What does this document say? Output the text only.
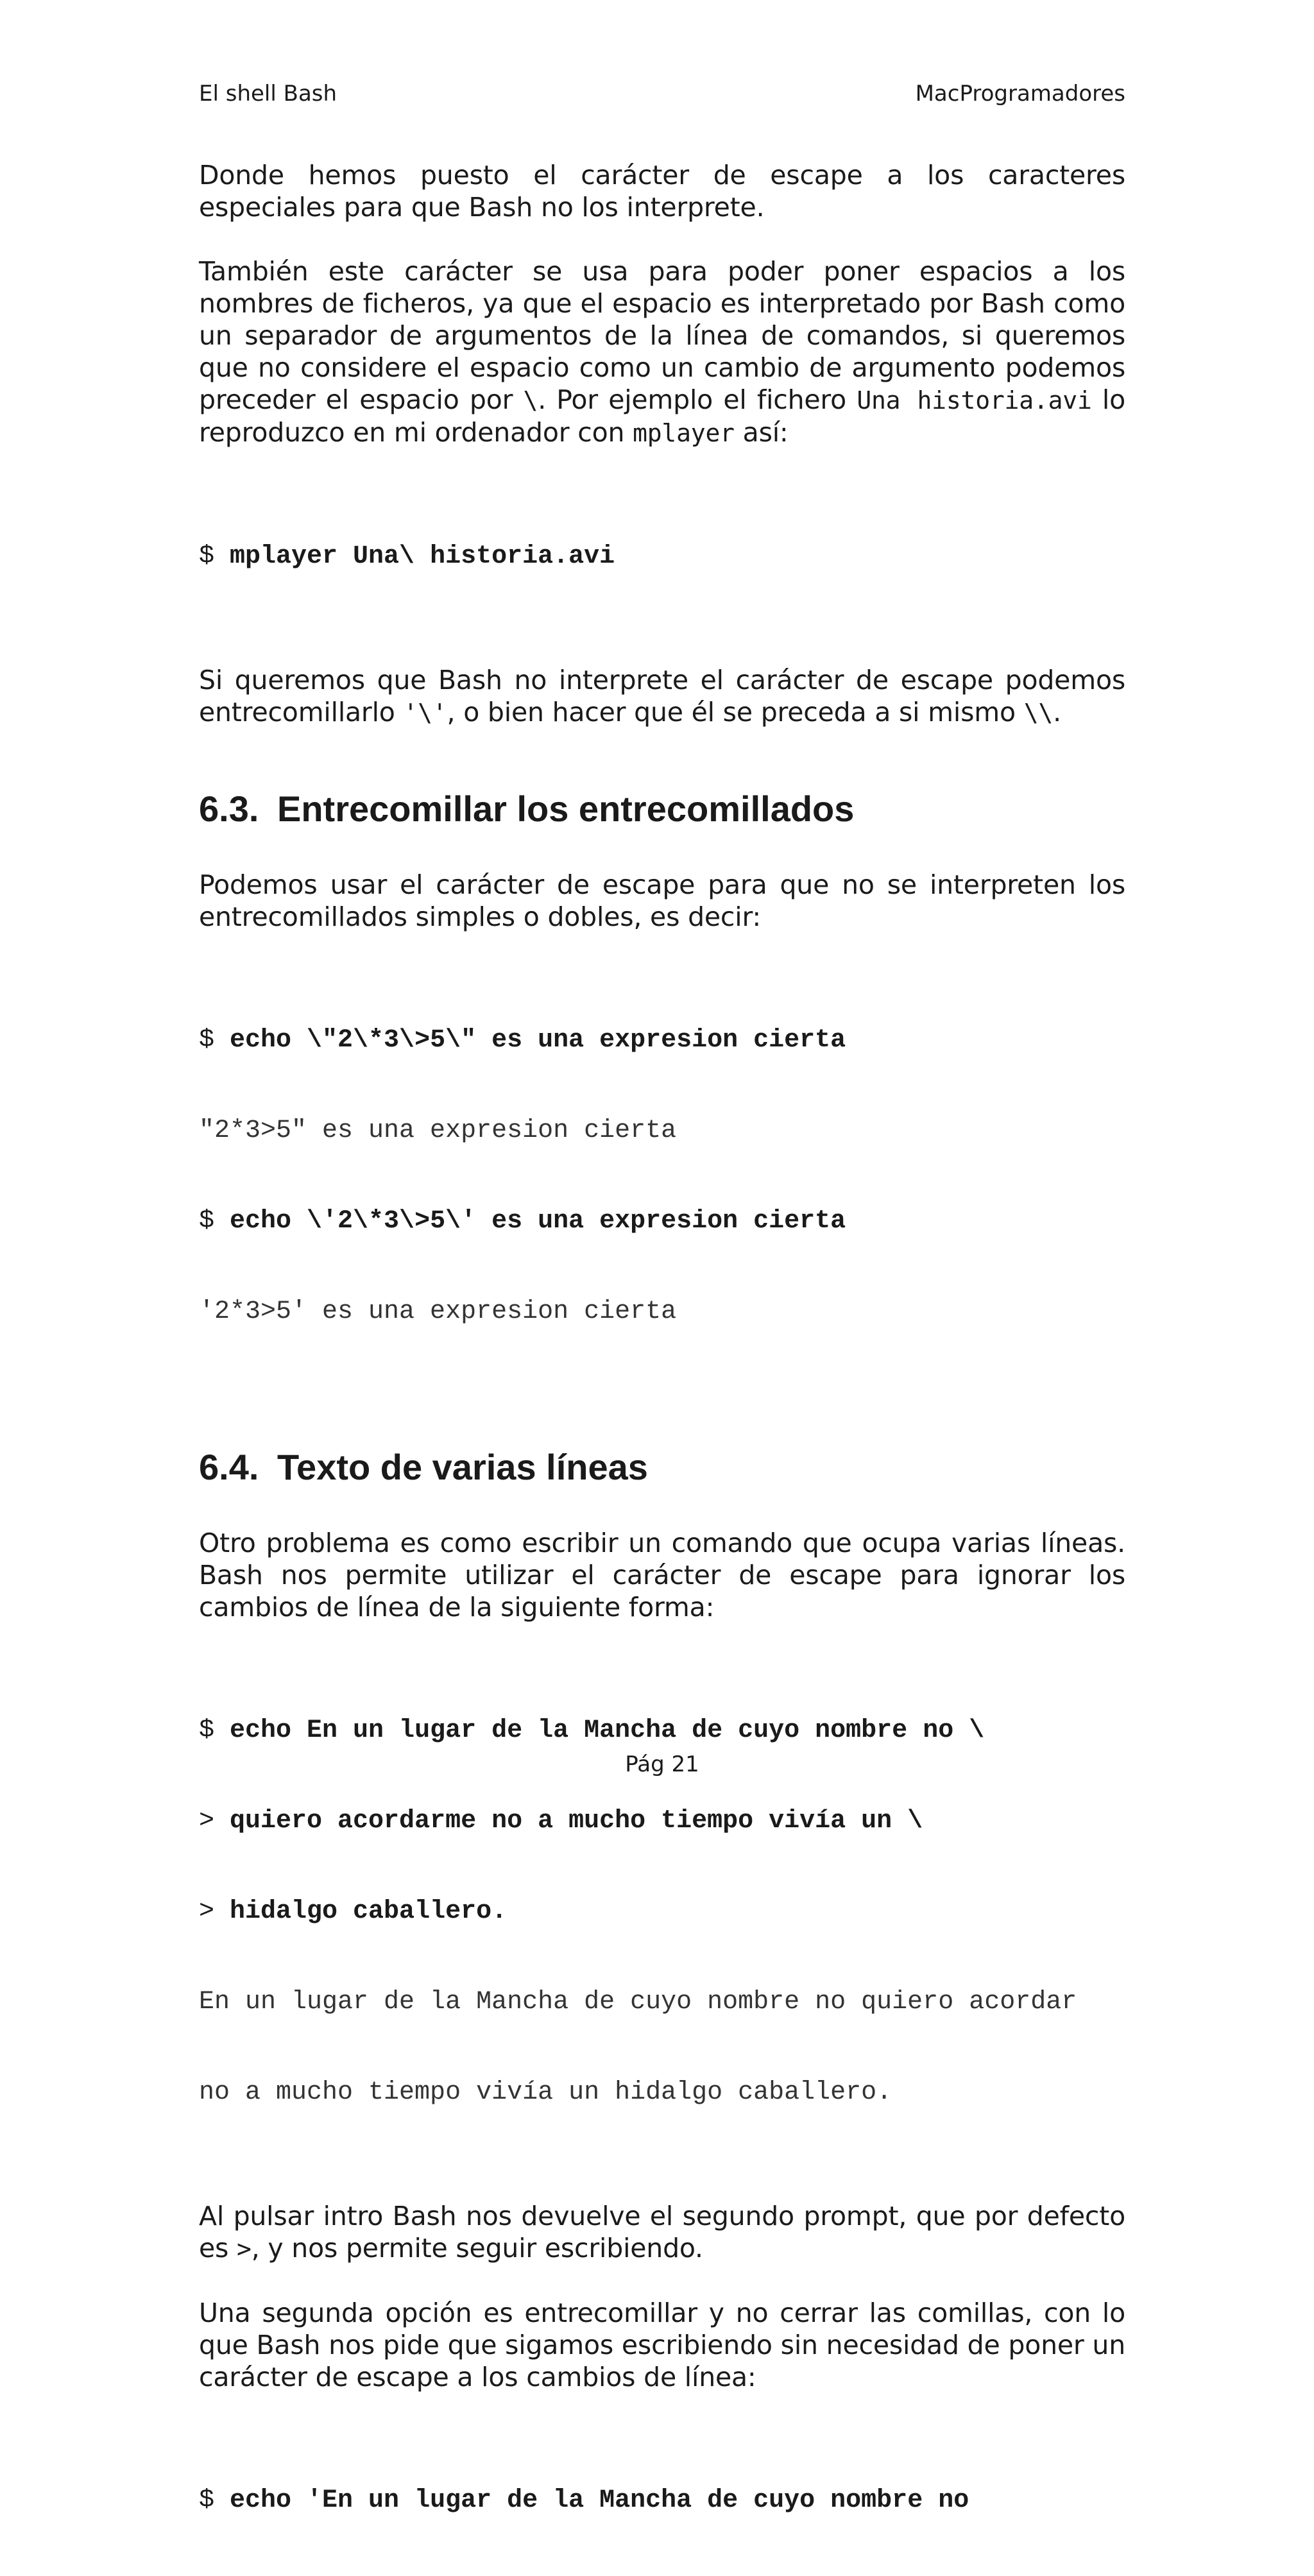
El shell Bash	MacProgramadores

Donde hemos puesto el carácter de escape a los caracteres especiales para que Bash no los interprete.

También este carácter se usa para poder poner espacios a los nombres de ficheros, ya que el espacio es interpretado por Bash como un separador de argumentos de la línea de comandos, si queremos que no considere el espacio como un cambio de argumento podemos preceder el espacio por \. Por ejemplo el fichero Una historia.avi lo reproduzco en mi ordenador con mplayer así:

$ mplayer Una\ historia.avi

Si queremos que Bash no interprete el carácter de escape podemos entrecomillarlo '\', o bien hacer que él se preceda a si mismo \\.

6.3. Entrecomillar los entrecomillados

Podemos usar el carácter de escape para que no se interpreten los entrecomillados simples o dobles, es decir:

$ echo \"2\*3\>5\" es una expresion cierta

"2*3>5" es una expresion cierta

$ echo \'2\*3\>5\' es una expresion cierta

'2*3>5' es una expresion cierta

6.4. Texto de varias líneas

Otro problema es como escribir un comando que ocupa varias líneas. Bash nos permite utilizar el carácter de escape para ignorar los cambios de línea de la siguiente forma:

$ echo En un lugar de la Mancha de cuyo nombre no \

> quiero acordarme no a mucho tiempo vivía un \

> hidalgo caballero.

En un lugar de la Mancha de cuyo nombre no quiero acordar

no a mucho tiempo vivía un hidalgo caballero.

Al pulsar intro Bash nos devuelve el segundo prompt, que por defecto es >, y nos permite seguir escribiendo.

Una segunda opción es entrecomillar y no cerrar las comillas, con lo que Bash nos pide que sigamos escribiendo sin necesidad de poner un carácter de escape a los cambios de línea:

$ echo 'En un lugar de la Mancha de cuyo nombre no

Pág 21
